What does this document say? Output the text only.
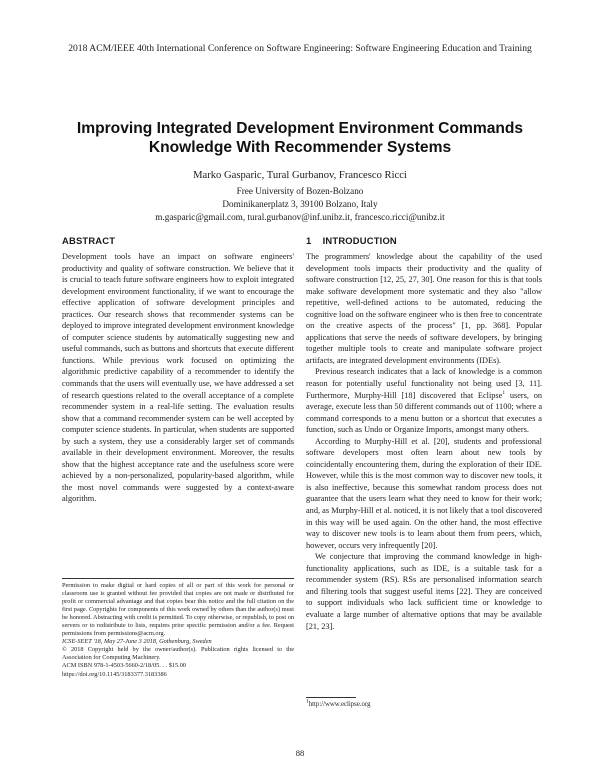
2018 ACM/IEEE 40th International Conference on Software Engineering: Software Engineering Education and Training
Improving Integrated Development Environment Commands
Knowledge With Recommender Systems
Marko Gasparic, Tural Gurbanov, Francesco Ricci
Free University of Bozen-Bolzano
Dominikanerplatz 3, 39100 Bolzano, Italy
m.gasparic@gmail.com, tural.gurbanov@inf.unibz.it, francesco.ricci@unibz.it
ABSTRACT

Development tools have an impact on software engineers' productivity and quality of software construction. We believe that it is crucial to teach future software engineers how to exploit integrated development environment functionality, if we want to encourage the effective application of software development principles and practices. Our research shows that recommender systems can be deployed to improve integrated development environment knowledge of computer science students by automatically suggesting new and useful commands, such as buttons and shortcuts that execute different functions. While previous work focused on optimizing the algorithmic predictive capability of a recommender to identify the commands that the users will eventually use, we have addressed a set of research questions related to the overall acceptance of a complete recommender system in a real-life setting. The evaluation results show that a command recommender system can be well accepted by computer science students. In particular, when students are supported by such a system, they use a considerably larger set of commands available in their development environment. Moreover, the results show that the highest acceptance rate and the usefulness score were achieved by a non-personalized, popularity-based algorithm, while the most novel commands were suggested by a context-aware algorithm.

Permission to make digital or hard copies of all or part of this work for personal or classroom use is granted without fee provided that copies are not made or distributed for profit or commercial advantage and that copies bear this notice and the full citation on the first page. Copyrights for components of this work owned by others than the author(s) must be honored. Abstracting with credit is permitted. To copy otherwise, or republish, to post on servers or to redistribute to lists, requires prior specific permission and/or a fee. Request permissions from permissions@acm.org.
ICSE-SEET '18, May 27-June 3 2018, Gothenburg, Sweden
© 2018 Copyright held by the owner/author(s). Publication rights licensed to the Association for Computing Machinery.
ACM ISBN 978-1-4503-5660-2/18/05. . . $15.00
https://doi.org/10.1145/3183377.3183386
1    INTRODUCTION

The programmers' knowledge about the capability of the used development tools impacts their productivity and the quality of software construction [12, 25, 27, 30]. One reason for this is that tools make software development more systematic and they also "allow repetitive, well-defined actions to be automated, reducing the cognitive load on the software engineer who is then free to concentrate on the creative aspects of the process" [1, pp. 368]. Popular applications that serve the needs of software developers, by bringing together multiple tools to create and manipulate software project artifacts, are integrated development environments (IDEs).

Previous research indicates that a lack of knowledge is a common reason for potentially useful functionality not being used [3, 11]. Furthermore, Murphy-Hill [18] discovered that Eclipse$^1$ users, on average, execute less than 50 different commands out of 1100; where a command corresponds to a menu button or a shortcut that executes a function, such as Undo or Organize Imports, amongst many others.

According to Murphy-Hill et al. [20], students and professional software developers most often learn about new tools by coincidentally encountering them, during the exploration of their IDE. However, while this is the most common way to discover new tools, it is also ineffective, because this somewhat random process does not guarantee that the users learn what they need to know for their work; and, as Murphy-Hill et al. noticed, it is not likely that a tool discovered in this way will be used again. On the other hand, the most effective way to discover new tools is to learn about them from peers, which, however, occurs very infrequently [20].

We conjecture that improving the command knowledge in high-functionality applications, such as IDE, is a suitable task for a recommender system (RS). RSs are personalised information search and filtering tools that suggest useful items [22]. They are conceived to support individuals who lack sufficient time or knowledge to evaluate a large number of alternative options that may be available [21, 23].

$^1$http://www.eclipse.org
88
